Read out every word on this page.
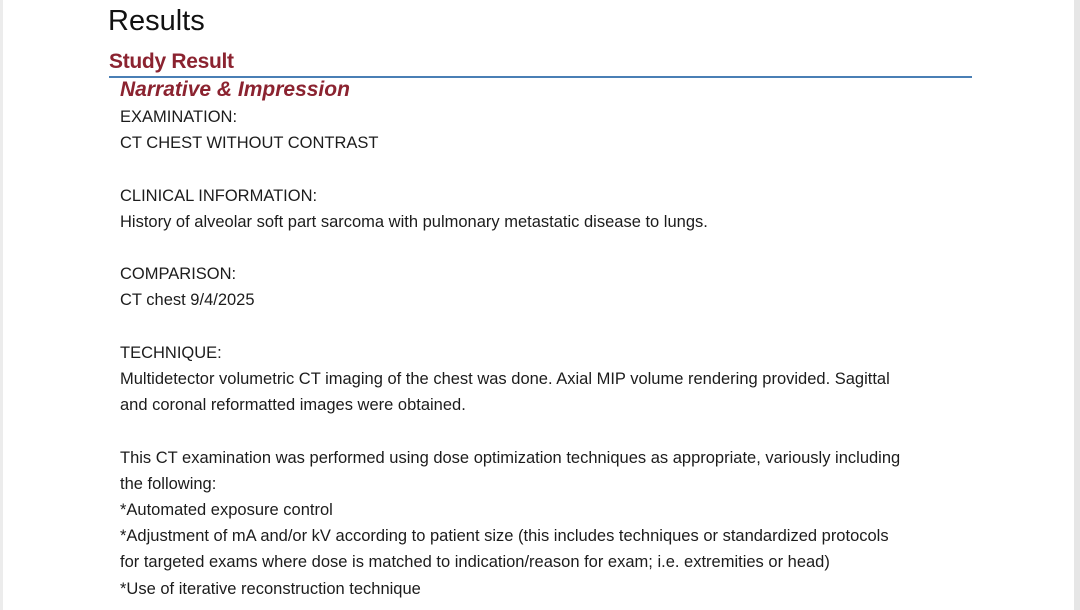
Results
Study Result
Narrative & Impression
EXAMINATION:
CT CHEST WITHOUT CONTRAST
CLINICAL INFORMATION:
History of alveolar soft part sarcoma with pulmonary metastatic disease to lungs.
COMPARISON:
CT chest 9/4/2025
TECHNIQUE:
Multidetector volumetric CT imaging of the chest was done. Axial MIP volume rendering provided. Sagittal
and coronal reformatted images were obtained.
This CT examination was performed using dose optimization techniques as appropriate, variously including
the following:
*Automated exposure control
*Adjustment of mA and/or kV according to patient size (this includes techniques or standardized protocols
for targeted exams where dose is matched to indication/reason for exam; i.e. extremities or head)
*Use of iterative reconstruction technique
